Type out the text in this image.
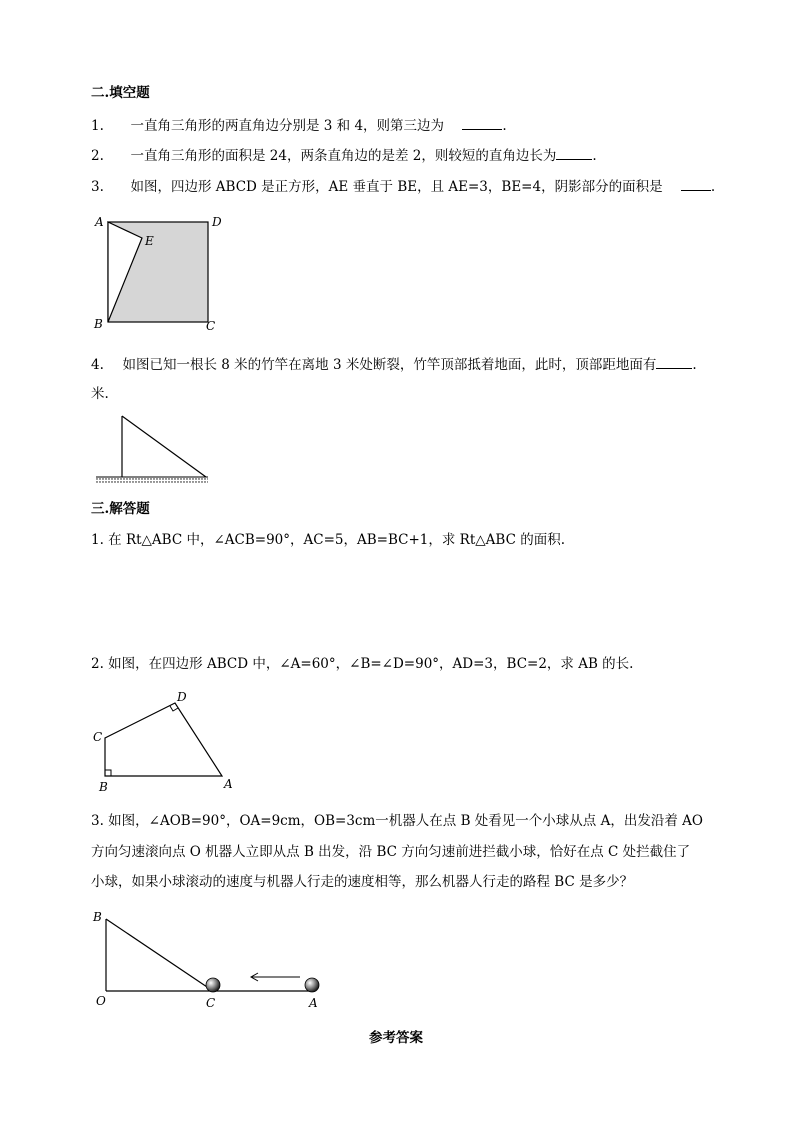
二.填空题
1. 一直角三角形的两直角边分别是 3 和 4，则第三边为	.
2. 一直角三角形的面积是 24，两条直角边的是差 2，则较短的直角边长为	.
3. 如图，四边形 ABCD 是正方形，AE 垂直于 BE，且 AE=3，BE=4，阴影部分的面积是	.
A	D
E
B	C
4. 如图已知一根长 8 米的竹竿在离地 3 米处断裂，竹竿顶部抵着地面，此时，顶部距地面有	.
米.
三.解答题
1. 在 Rt△ABC 中，∠ACB=90°，AC=5，AB=BC+1，求 Rt△ABC 的面积.
2. 如图，在四边形 ABCD 中，∠A=60°，∠B=∠D=90°，AD=3，BC=2，求 AB 的长.
D
C
B	A
3. 如图，∠AOB=90°，OA=9cm，OB=3cm一机器人在点 B 处看见一个小球从点 A，出发沿着 AO
方向匀速滚向点 O 机器人立即从点 B 出发，沿 BC 方向匀速前进拦截小球，恰好在点 C 处拦截住了
小球，如果小球滚动的速度与机器人行走的速度相等，那么机器人行走的路程 BC 是多少？
B
O	C	A
参考答案
